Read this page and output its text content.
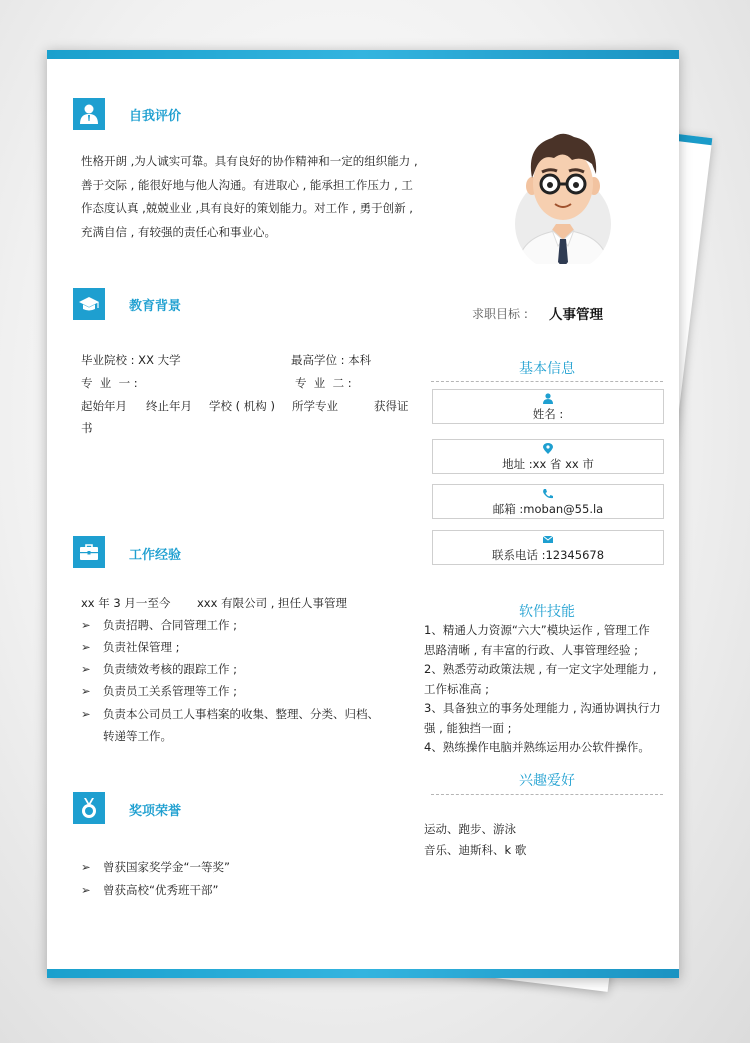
自我评价
性格开朗 ,为人诚实可靠。具有良好的协作精神和一定的组织能力 ,
善于交际 , 能很好地与他人沟通。有进取心 , 能承担工作压力 , 工
作态度认真 ,兢兢业业 ,具有良好的策划能力。对工作 , 勇于创新 ,
充满自信 , 有较强的责任心和事业心。
教育背景
毕业院校 : XX 大学	最高学位 : 本科
专  业  一 :	专  业  二 :
起始年月 终止年月 学校 ( 机构 ) 所学专业	获得证
书
工作经验
xx 年 3 月一至今 xxx 有限公司 , 担任人事管理
➢ 负责招聘、合同管理工作 ;
➢ 负责社保管理 ;
➢ 负责绩效考核的跟踪工作 ;
➢ 负责员工关系管理等工作 ;
➢ 负责本公司员工人事档案的收集、整理、分类、归档、
转递等工作。
奖项荣誉
➢ 曾获国家奖学金“一等奖”
➢ 曾获高校“优秀班干部”
求职目标 : 人事管理
基本信息
姓名 :
地址 :xx 省 xx 市
邮箱 :moban@55.la
联系电话 :12345678
软件技能
1、精通人力资源“六大”模块运作 , 管理工作
思路清晰 , 有丰富的行政、人事管理经验 ;
2、熟悉劳动政策法规 , 有一定文字处理能力 ,
工作标准高 ;
3、具备独立的事务处理能力 , 沟通协调执行力
强 , 能独挡一面 ;
4、熟练操作电脑并熟练运用办公软件操作。
兴趣爱好
运动、跑步、游泳
音乐、迪斯科、k 歌
